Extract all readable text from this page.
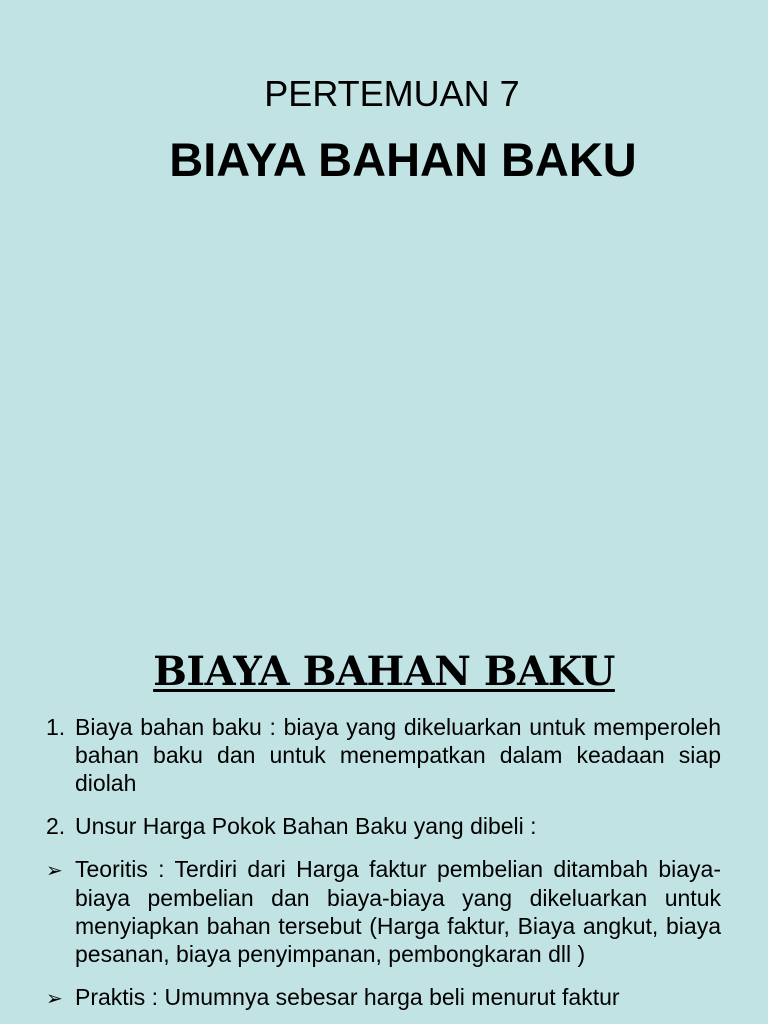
PERTEMUAN 7
BIAYA BAHAN BAKU
BIAYA BAHAN BAKU

1. Biaya bahan baku : biaya yang dikeluarkan untuk memperoleh bahan baku dan untuk menempatkan dalam keadaan siap diolah

2. Unsur Harga Pokok Bahan Baku yang dibeli :

➢ Teoritis : Terdiri dari Harga faktur pembelian ditambah biaya-biaya pembelian dan biaya-biaya yang dikeluarkan untuk menyiapkan bahan tersebut (Harga faktur, Biaya angkut, biaya pesanan, biaya penyimpanan, pembongkaran dll )

➢ Praktis : Umumnya sebesar harga beli menurut faktur
